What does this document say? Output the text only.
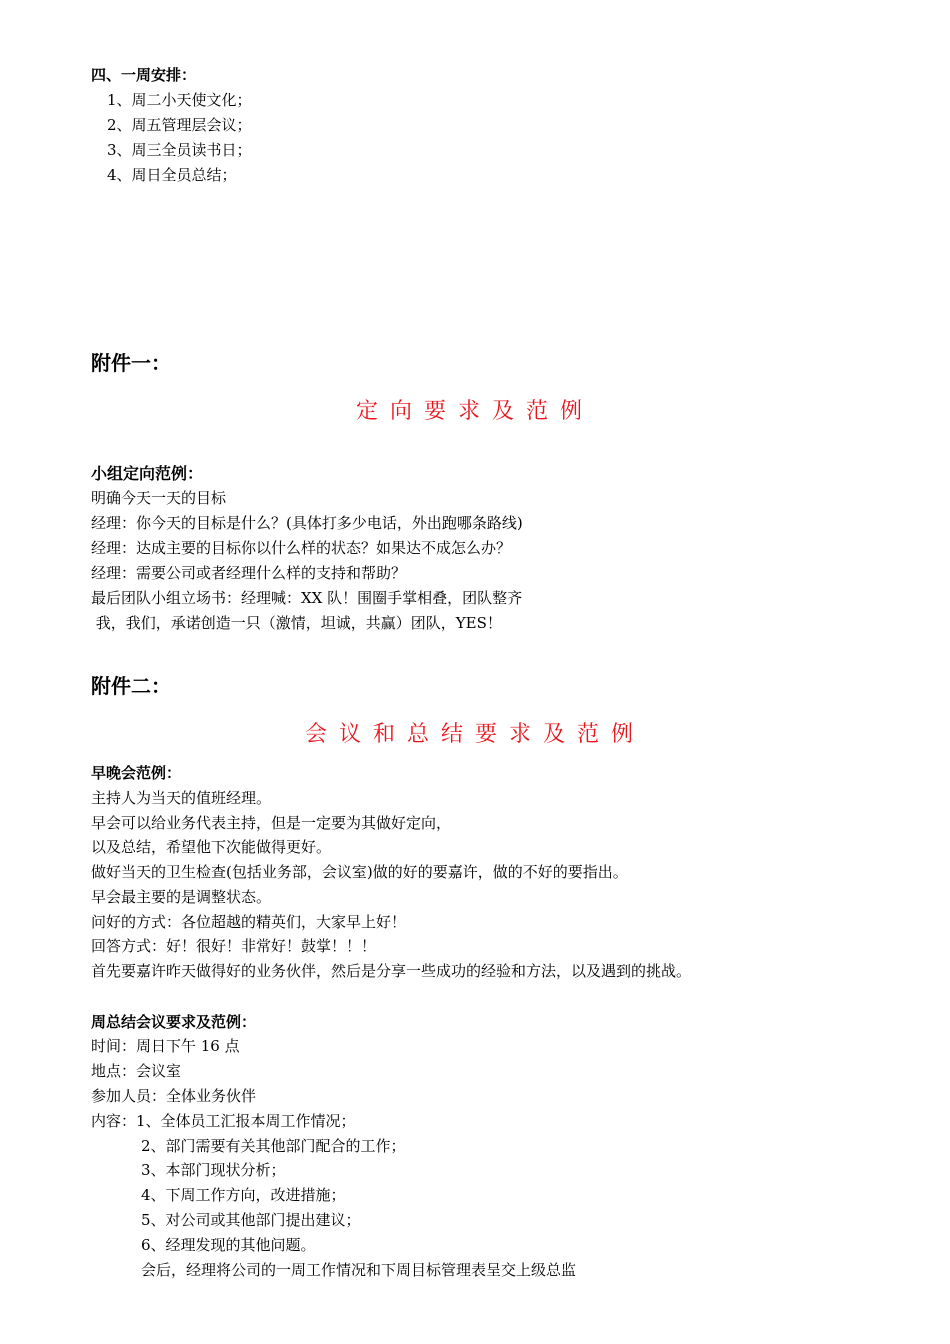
四、一周安排：
1、周二小天使文化；
2、周五管理层会议；
3、周三全员读书日；
4、周日全员总结；
附件一：
定向要求及范例
小组定向范例：
明确今天一天的目标
经理：你今天的目标是什么？(具体打多少电话，外出跑哪条路线)
经理：达成主要的目标你以什么样的状态？如果达不成怎么办？
经理：需要公司或者经理什么样的支持和帮助？
最后团队小组立场书：经理喊：XX 队！围圈手掌相叠，团队整齐
我，我们，承诺创造一只（激情，坦诚，共赢）团队，YES！
附件二：
会议和总结要求及范例
早晚会范例：
主持人为当天的值班经理。
早会可以给业务代表主持，但是一定要为其做好定向，
以及总结，希望他下次能做得更好。
做好当天的卫生检查(包括业务部，会议室)做的好的要嘉许，做的不好的要指出。
早会最主要的是调整状态。
问好的方式：各位超越的精英们，大家早上好！
回答方式：好！很好！非常好！鼓掌！！！
首先要嘉许昨天做得好的业务伙伴，然后是分享一些成功的经验和方法，以及遇到的挑战。
周总结会议要求及范例：
时间：周日下午 16 点
地点：会议室
参加人员：全体业务伙伴
内容：1、全体员工汇报本周工作情况；
2、部门需要有关其他部门配合的工作；
3、本部门现状分析；
4、下周工作方向，改进措施；
5、对公司或其他部门提出建议；
6、经理发现的其他问题。
会后，经理将公司的一周工作情况和下周目标管理表呈交上级总监
